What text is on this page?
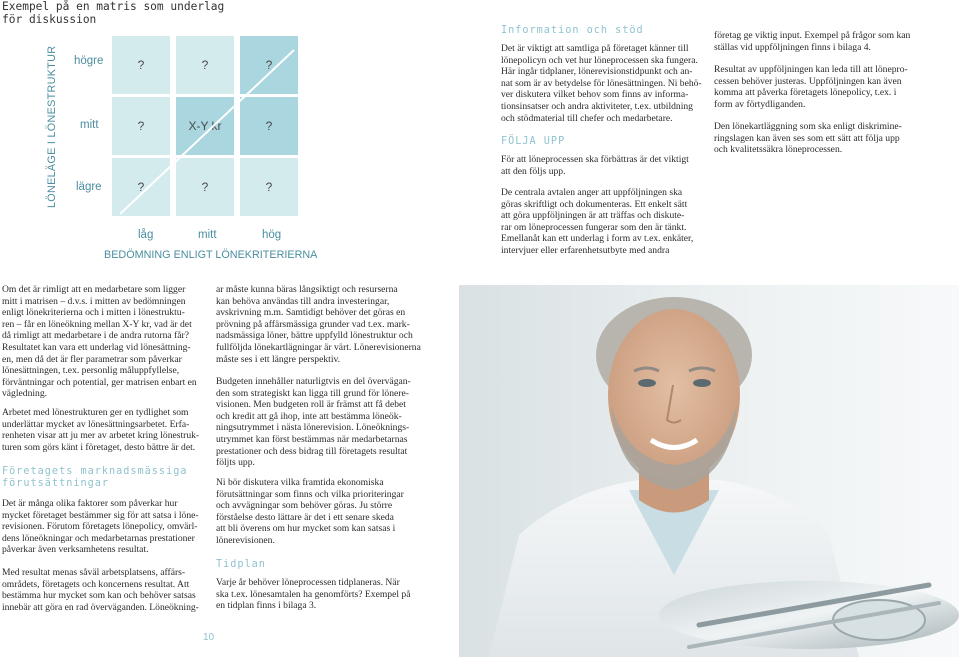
Exempel på en matris som underlag för diskussion
?	?	?
?	X-Y kr	?
?	?	?
högre
mitt
lägre
låg	mitt	hög
LÖNELÄGE I LÖNESTRUKTUR
BEDÖMNING ENLIGT LÖNEKRITERIERNA
Information och stöd
Det är viktigt att samtliga på företaget känner till
lönepolicyn och vet hur löneprocessen ska fungera.
Här ingår tidplaner, lönerevisionstidpunkt och an-
nat som är av betydelse för lönesättningen. Ni behö-
ver diskutera vilket behov som finns av informa-
tionsinsatser och andra aktiviteter, t.ex. utbildning
och stödmaterial till chefer och medarbetare.
FÖLJA UPP
För att löneprocessen ska förbättras är det viktigt
att den följs upp.
De centrala avtalen anger att uppföljningen ska
göras skriftligt och dokumenteras. Ett enkelt sätt
att göra uppföljningen är att träffas och diskute-
rar om löneprocessen fungerar som den är tänkt.
Emellanåt kan ett underlag i form av t.ex. enkäter,
intervjuer eller erfarenhetsutbyte med andra
företag ge viktig input. Exempel på frågor som kan
ställas vid uppföljningen finns i bilaga 4.
Resultat av uppföljningen kan leda till att lönepro-
cessen behöver justeras. Uppföljningen kan även
komma att påverka företagets lönepolicy, t.ex. i
form av förtydliganden.
Den lönekartläggning som ska enligt diskrimine-
ringslagen kan även ses som ett sätt att följa upp
och kvalitetssäkra löneprocessen.
Om det är rimligt att en medarbetare som ligger
mitt i matrisen – d.v.s. i mitten av bedömningen
enligt lönekriterierna och i mitten i lönestruktu-
ren – får en löneökning mellan X-Y kr, vad är det
då rimligt att medarbetare i de andra rutorna får?
Resultatet kan vara ett underlag vid lönesättning-
en, men då det är fler parametrar som påverkar
lönesättningen, t.ex. personlig måluppfyllelse,
förväntningar och potential, ger matrisen enbart en
vägledning.
Arbetet med lönestrukturen ger en tydlighet som
underlättar mycket av lönesättningsarbetet. Erfa-
renheten visar att ju mer av arbetet kring lönestruk-
turen som görs känt i företaget, desto bättre är det.
Företagets marknadsmässiga
förutsättningar
Det är många olika faktorer som påverkar hur
mycket företaget bestämmer sig för att satsa i löne-
revisionen. Förutom företagets lönepolicy, omvärl-
dens löneökningar och medarbetarnas prestationer
påverkar även verksamhetens resultat.
Med resultat menas såväl arbetsplatsens, affärs-
områdets, företagets och koncernens resultat. Att
bestämma hur mycket som kan och behöver satsas
innebär att göra en rad överväganden. Löneökning-
ar måste kunna bäras långsiktigt och resurserna
kan behöva användas till andra investeringar,
avskrivning m.m. Samtidigt behöver det göras en
prövning på affärsmässiga grunder vad t.ex. mark-
nadsmässiga löner, bättre uppfylld lönestruktur och
fullföljda lönekartlägningar är värt. Lönerevisionerna
måste ses i ett längre perspektiv.
Budgeten innehåller naturligtvis en del övervägan-
den som strategiskt kan ligga till grund för lönere-
visionen. Men budgeten roll är främst att få debet
och kredit att gå ihop, inte att bestämma löneök-
ningsutrymmet i nästa lönerevision. Löneöknings-
utrymmet kan först bestämmas när medarbetarnas
prestationer och dess bidrag till företagets resultat
följts upp.
Ni bör diskutera vilka framtida ekonomiska
förutsättningar som finns och vilka prioriteringar
och avvägningar som behöver göras. Ju större
förståelse desto lättare är det i ett senare skeda
att bli överens om hur mycket som kan satsas i
lönerevisionen.
Tidplan
Varje år behöver löneprocessen tidplaneras. När
ska t.ex. lönesamtalen ha genomförts? Exempel på
en tidplan finns i bilaga 3.
10
